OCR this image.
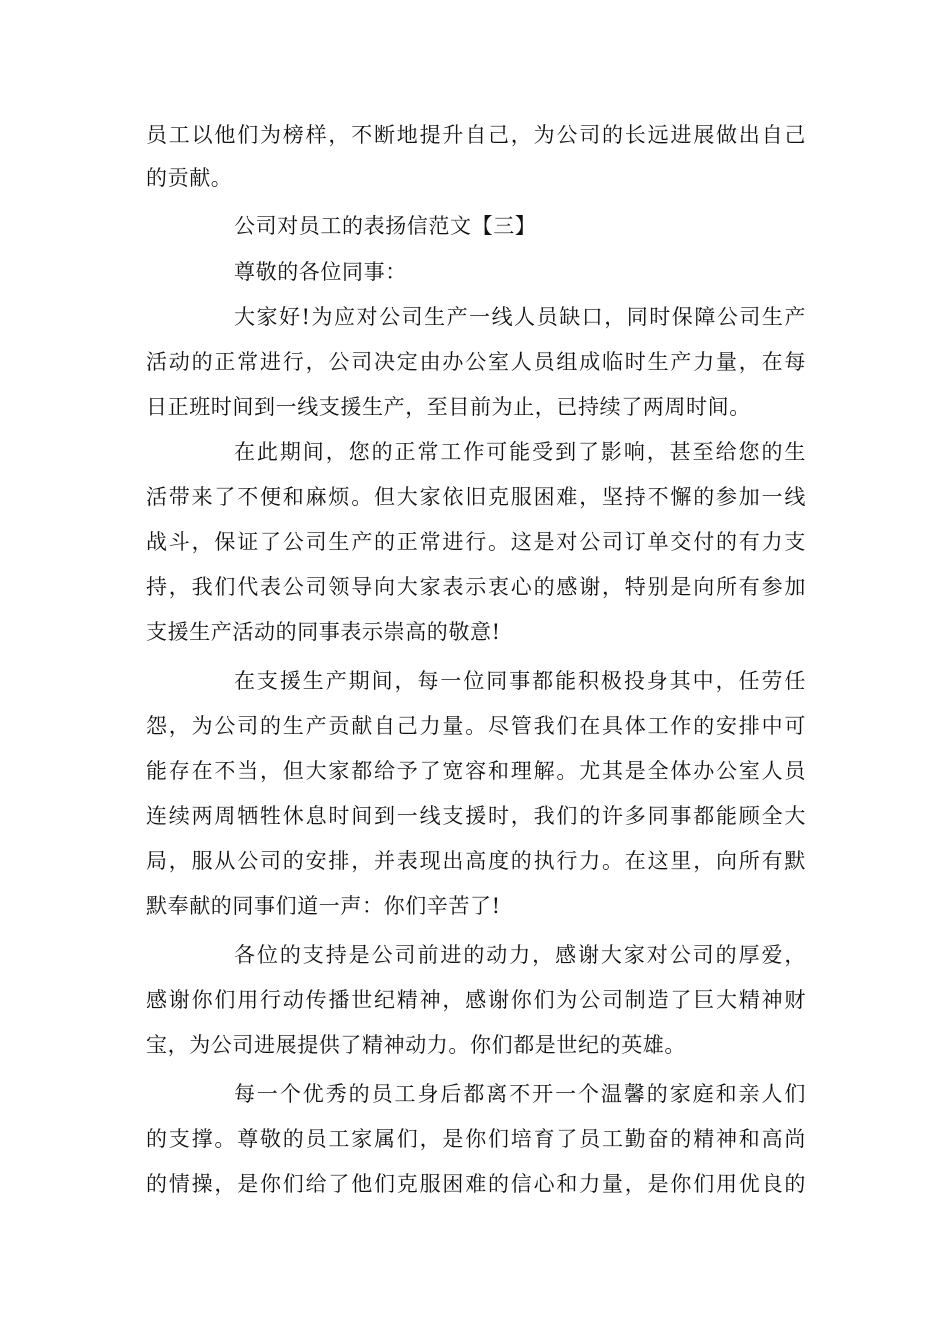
员工以他们为榜样，不断地提升自己，为公司的长远进展做出自己
的贡献。
公司对员工的表扬信范文【三】
尊敬的各位同事：
大家好!为应对公司生产一线人员缺口，同时保障公司生产
活动的正常进行，公司决定由办公室人员组成临时生产力量，在每
日正班时间到一线支援生产，至目前为止，已持续了两周时间。
在此期间，您的正常工作可能受到了影响，甚至给您的生
活带来了不便和麻烦。但大家依旧克服困难，坚持不懈的参加一线
战斗，保证了公司生产的正常进行。这是对公司订单交付的有力支
持，我们代表公司领导向大家表示衷心的感谢，特别是向所有参加
支援生产活动的同事表示崇高的敬意!
在支援生产期间，每一位同事都能积极投身其中，任劳任
怨，为公司的生产贡献自己力量。尽管我们在具体工作的安排中可
能存在不当，但大家都给予了宽容和理解。尤其是全体办公室人员
连续两周牺牲休息时间到一线支援时，我们的许多同事都能顾全大
局，服从公司的安排，并表现出高度的执行力。在这里，向所有默
默奉献的同事们道一声：你们辛苦了!
各位的支持是公司前进的动力，感谢大家对公司的厚爱，
感谢你们用行动传播世纪精神，感谢你们为公司制造了巨大精神财
宝，为公司进展提供了精神动力。你们都是世纪的英雄。
每一个优秀的员工身后都离不开一个温馨的家庭和亲人们
的支撑。尊敬的员工家属们，是你们培育了员工勤奋的精神和高尚
的情操，是你们给了他们克服困难的信心和力量，是你们用优良的
